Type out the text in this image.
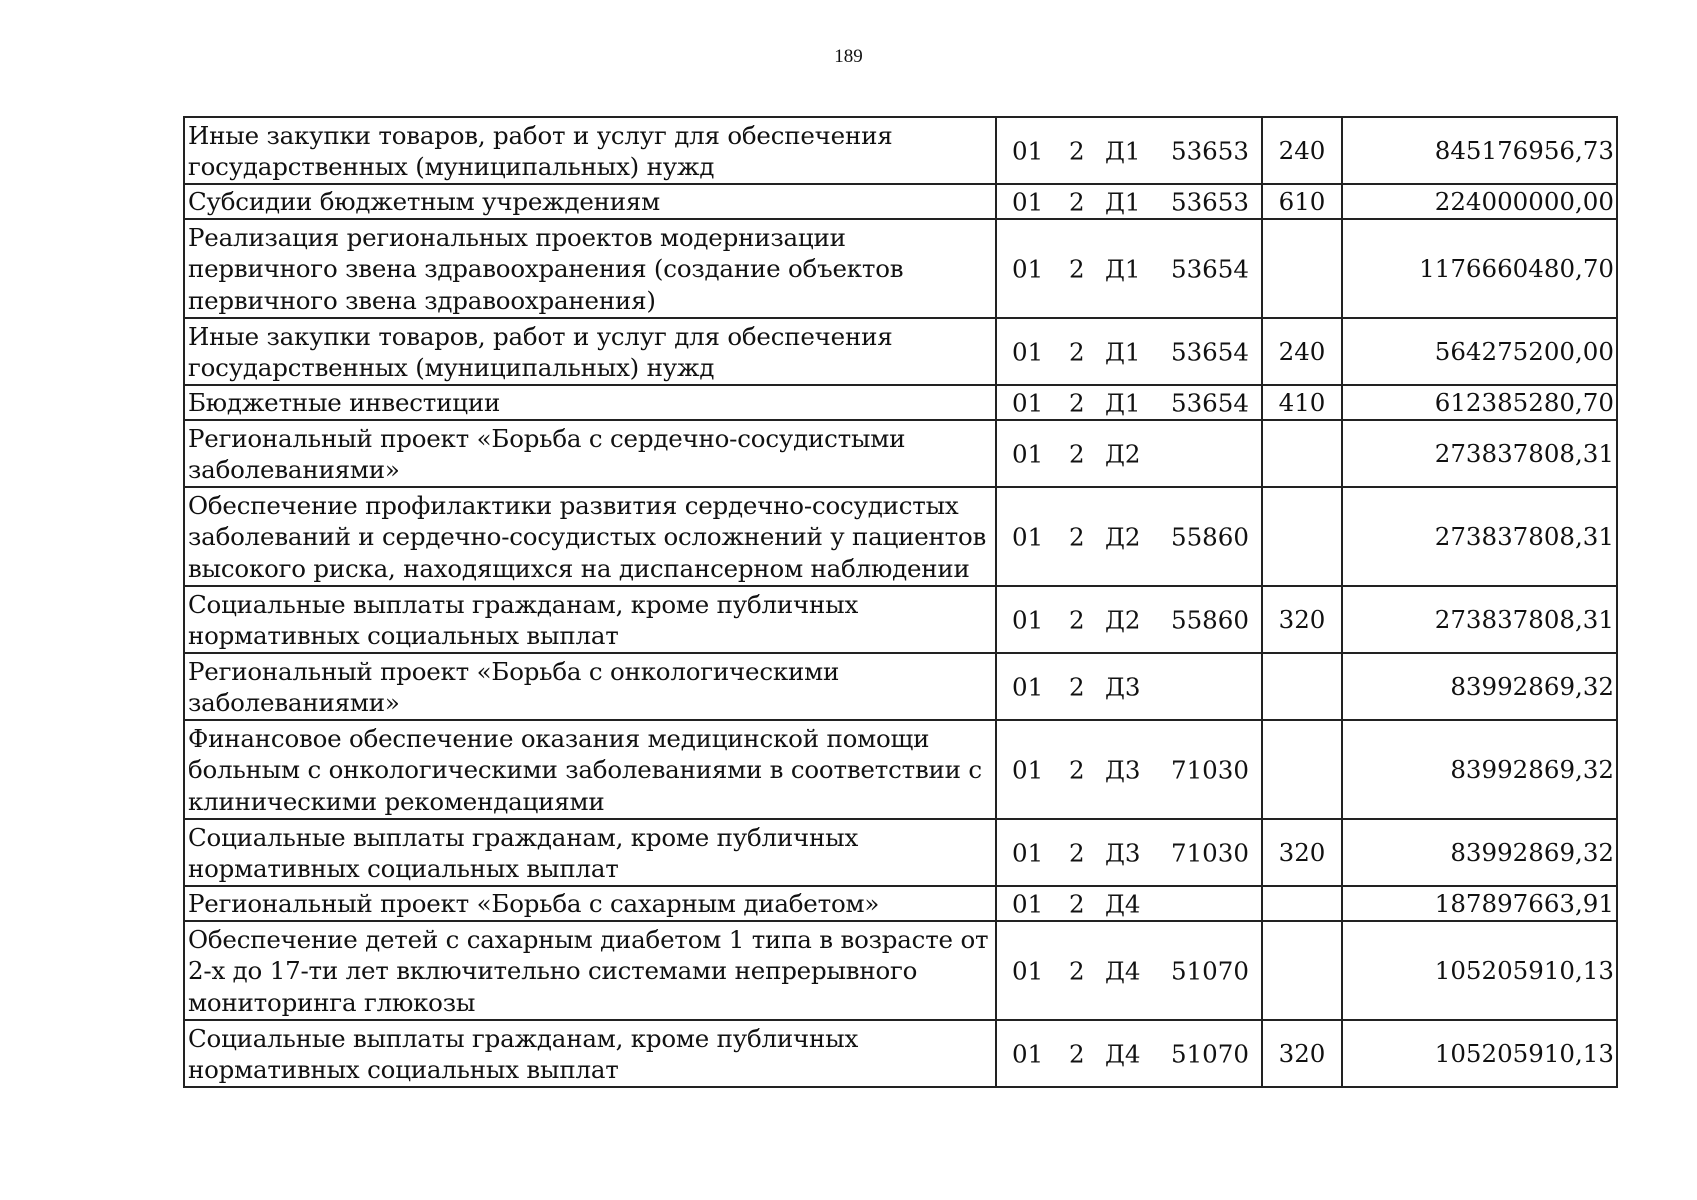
189
Иные закупки товаров, работ и услуг для обеспечения государственных (муниципальных) нужд	01 2 Д1 53653	240	845176956,73
Субсидии бюджетным учреждениям	01 2 Д1 53653	610	224000000,00
Реализация региональных проектов модернизации первичного звена здравоохранения (создание объектов первичного звена здравоохранения)	01 2 Д1 53654		1176660480,70
Иные закупки товаров, работ и услуг для обеспечения государственных (муниципальных) нужд	01 2 Д1 53654	240	564275200,00
Бюджетные инвестиции	01 2 Д1 53654	410	612385280,70
Региональный проект «Борьба с сердечно-сосудистыми заболеваниями»	01 2 Д2		273837808,31
Обеспечение профилактики развития сердечно-сосудистых заболеваний и сердечно-сосудистых осложнений у пациентов высокого риска, находящихся на диспансерном наблюдении	01 2 Д2 55860		273837808,31
Социальные выплаты гражданам, кроме публичных нормативных социальных выплат	01 2 Д2 55860	320	273837808,31
Региональный проект «Борьба с онкологическими заболеваниями»	01 2 Д3		83992869,32
Финансовое обеспечение оказания медицинской помощи больным с онкологическими заболеваниями в соответствии с клиническими рекомендациями	01 2 Д3 71030		83992869,32
Социальные выплаты гражданам, кроме публичных нормативных социальных выплат	01 2 Д3 71030	320	83992869,32
Региональный проект «Борьба с сахарным диабетом»	01 2 Д4		187897663,91
Обеспечение детей с сахарным диабетом 1 типа в возрасте от 2-х до 17-ти лет включительно системами непрерывного мониторинга глюкозы	01 2 Д4 51070		105205910,13
Социальные выплаты гражданам, кроме публичных нормативных социальных выплат	01 2 Д4 51070	320	105205910,13
